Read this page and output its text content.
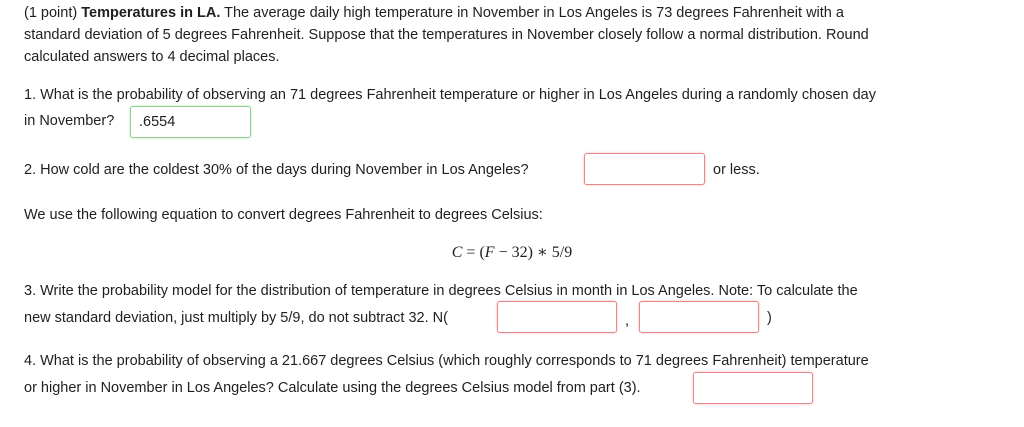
(1 point) Temperatures in LA. The average daily high temperature in November in Los Angeles is 73 degrees Fahrenheit with a
standard deviation of 5 degrees Fahrenheit. Suppose that the temperatures in November closely follow a normal distribution. Round
calculated answers to 4 decimal places.
1. What is the probability of observing an 71 degrees Fahrenheit temperature or higher in Los Angeles during a randomly chosen day
in November?
.6554
2. How cold are the coldest 30% of the days during November in Los Angeles?	or less.
We use the following equation to convert degrees Fahrenheit to degrees Celsius:
C = (F − 32) ∗ 5/9
3. Write the probability model for the distribution of temperature in degrees Celsius in month in Los Angeles. Note: To calculate the
new standard deviation, just multiply by 5/9, do not subtract 32. N(	,	)
4. What is the probability of observing a 21.667 degrees Celsius (which roughly corresponds to 71 degrees Fahrenheit) temperature
or higher in November in Los Angeles? Calculate using the degrees Celsius model from part (3).
